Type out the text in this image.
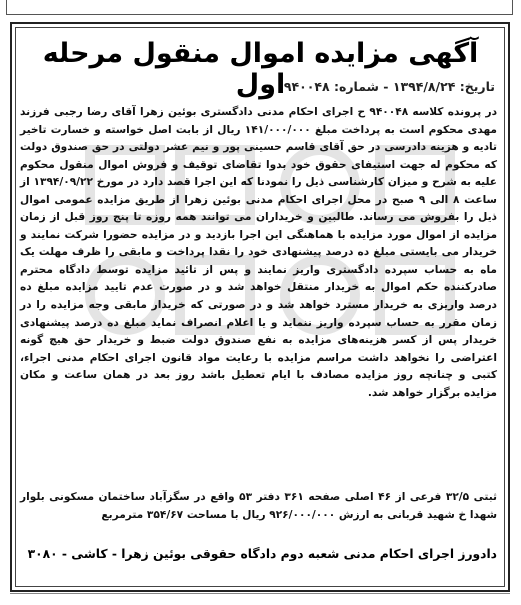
آگهی مزایده اموال منقول مرحله اول
تاریخ: ۱۳۹۴/۸/۲۴ - شماره: ۹۴۰۰۴۸
در پرونده کلاسه ۹۴۰۰۴۸ ح اجرای احکام مدنی دادگستری بوئین زهرا آقای رضا رجبی فرزند مهدی محکوم است به پرداخت مبلغ ۱۴۱/۰۰۰/۰۰۰ ریال از بابت اصل خواسته و خسارت تاخیر تادیه و هزینه دادرسی در حق آقای قاسم حسینی پور و نیم عشر دولتی در حق صندوق دولت که محکوم له جهت استیفای حقوق خود بدوا تقاضای توقیف و فروش اموال منقول محکوم علیه به شرح و میزان کارشناسی ذیل را نمودنا که این اجرا قصد دارد در مورخ ۱۳۹۴/۰۹/۲۲ از ساعت ۸ الی ۹ صبح در محل اجرای احکام مدنی بوئین زهرا از طریق مزایده عمومی اموال ذیل را بفروش می رساند. طالبین و خریداران می توانند همه روزه تا پنج روز قبل از زمان مزایده از اموال مورد مزایده با هماهنگی این اجرا بازدید و در مزایده حضورا شرکت نمایند و خریدار می بایستی مبلغ ده درصد پیشنهادی خود را نقدا پرداخت و مابقی را ظرف مهلت یک ماه به حساب سپرده دادگستری واریز نمایند و پس از تائید مزایده توسط دادگاه محترم صادرکننده حکم اموال به خریدار منتقل خواهد شد و در صورت عدم تایید مزایده مبلغ ده درصد واریزی به خریدار مسترد خواهد شد و در صورتی که خریدار مابقی وجه مزایده را در زمان مقرر به حساب سپرده واریز ننماید و یا اعلام انصراف نماید مبلغ ده درصد پیشنهادی خریدار پس از کسر هزینه‌های مزایده به نفع صندوق دولت ضبط و خریدار حق هیچ گونه اعتراضی را نخواهد داشت مراسم مزایده با رعایت مواد قانون اجرای احکام مدنی اجراء، کتبی و چنانچه روز مزایده مصادف با ایام تعطیل باشد روز بعد در همان ساعت و مکان مزایده برگزار خواهد شد.
ثبتی ۳۲/۵ فرعی از ۴۶ اصلی صفحه ۳۶۱ دفتر ۵۳ واقع در سگزآباد ساختمان مسکونی بلوار شهدا خ شهید قربانی به ارزش ۹۲۶/۰۰۰/۰۰۰ ریال با مساحت ۳۵۴/۶۷ مترمربع
دادورز اجرای احکام مدنی شعبه دوم دادگاه حقوقی بوئین زهرا - کاشی - ۳۰۸۰
